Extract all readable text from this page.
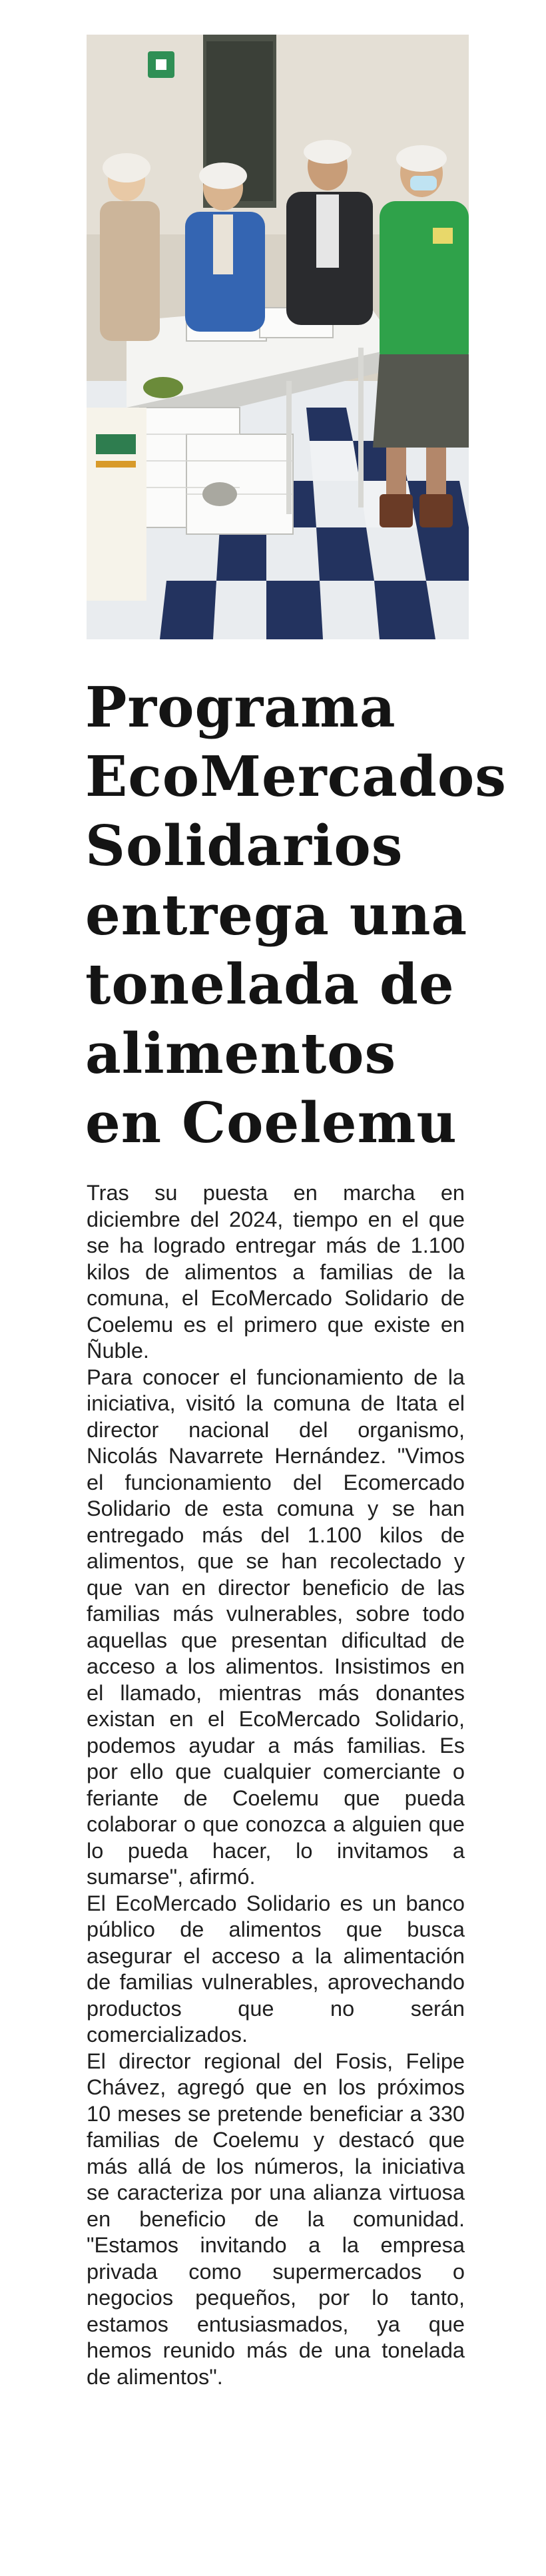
Programa EcoMercados Solidarios entrega una tonelada de alimentos en Coelemu

Tras su puesta en marcha en diciembre del 2024, tiempo en el que se ha logrado entregar más de 1.100 kilos de alimentos a familias de la comuna, el EcoMercado Solidario de Coelemu es el primero que existe en Ñuble.

Para conocer el funcionamiento de la iniciativa, visitó la comuna de Itata el director nacional del organismo, Nicolás Navarrete Hernández. "Vimos el funcionamiento del Ecomercado Solidario de esta comuna y se han entregado más del 1.100 kilos de alimentos, que se han recolectado y que van en director beneficio de las familias más vulnerables, sobre todo aquellas que presentan dificultad de acceso a los alimentos. Insistimos en el llamado, mientras más donantes existan en el EcoMercado Solidario, podemos ayudar a más familias. Es por ello que cualquier comerciante o feriante de Coelemu que pueda colaborar o que conozca a alguien que lo pueda hacer, lo invitamos a sumarse", afirmó.

El EcoMercado Solidario es un banco público de alimentos que busca asegurar el acceso a la alimentación de familias vulnerables, aprovechando productos que no serán comercializados.

El director regional del Fosis, Felipe Chávez, agregó que en los próximos 10 meses se pretende beneficiar a 330 familias de Coelemu y destacó que más allá de los números, la iniciativa se caracteriza por una alianza virtuosa en beneficio de la comunidad. "Estamos invitando a la empresa privada como supermercados o negocios pequeños, por lo tanto, estamos entusiasmados, ya que hemos reunido más de una tonelada de alimentos".
